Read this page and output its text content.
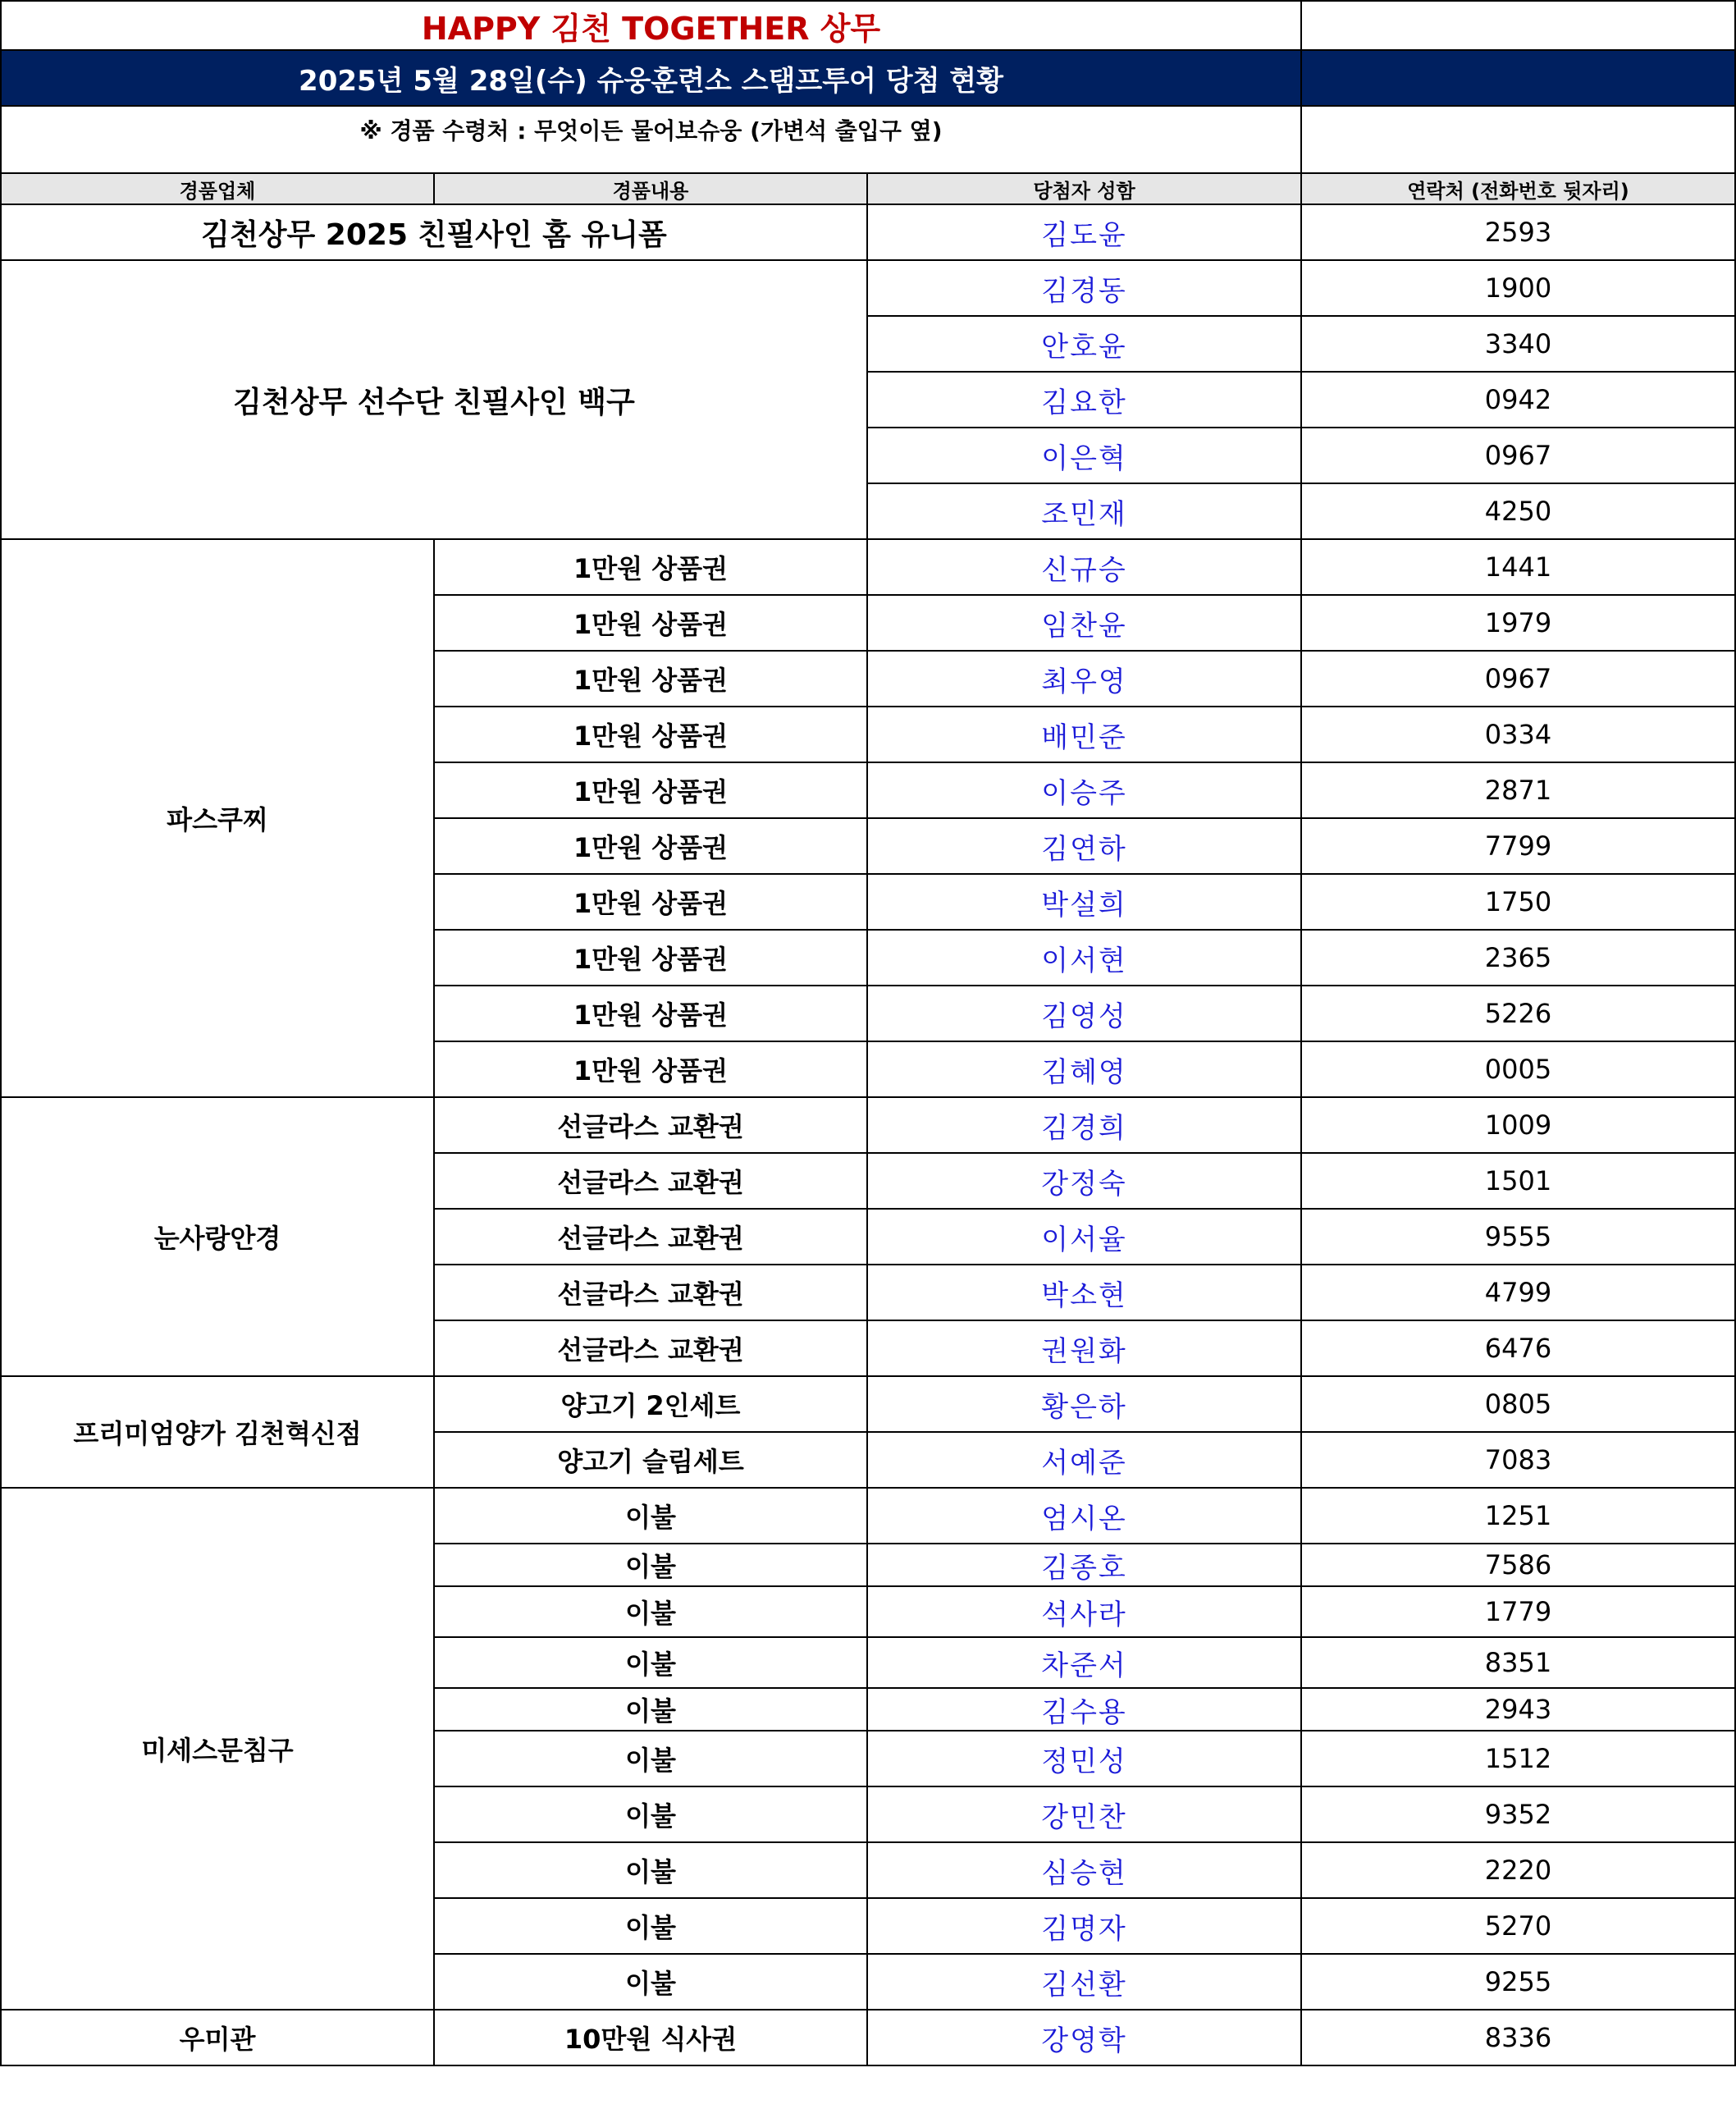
HAPPY 김천 TOGETHER 상무			
2025년 5월 28일(수) 슈웅훈련소 스탬프투어 당첨 현황			
※ 경품 수령처 : 무엇이든 물어보슈웅 (가변석 출입구 옆)			
경품업체	경품내용	당첨자 성함	연락처 (전화번호 뒷자리)
김천상무 2025 친필사인 홈 유니폼		김도윤	2593
김천상무 선수단 친필사인 백구		김경동	1900
		안호윤	3340
		김요한	0942
		이은혁	0967
		조민재	4250
파스쿠찌	1만원 상품권	신규승	1441
	1만원 상품권	임찬윤	1979
	1만원 상품권	최우영	0967
	1만원 상품권	배민준	0334
	1만원 상품권	이승주	2871
	1만원 상품권	김연하	7799
	1만원 상품권	박설희	1750
	1만원 상품권	이서현	2365
	1만원 상품권	김영성	5226
	1만원 상품권	김혜영	0005
눈사랑안경	선글라스 교환권	김경희	1009
	선글라스 교환권	강정숙	1501
	선글라스 교환권	이서율	9555
	선글라스 교환권	박소현	4799
	선글라스 교환권	권원화	6476
프리미엄양가 김천혁신점	양고기 2인세트	황은하	0805
	양고기 슬림세트	서예준	7083
미세스문침구	이불	엄시온	1251
	이불	김종호	7586
	이불	석사라	1779
	이불	차준서	8351
	이불	김수용	2943
	이불	정민성	1512
	이불	강민찬	9352
	이불	심승현	2220
	이불	김명자	5270
	이불	김선환	9255
우미관	10만원 식사권	강영학	8336
